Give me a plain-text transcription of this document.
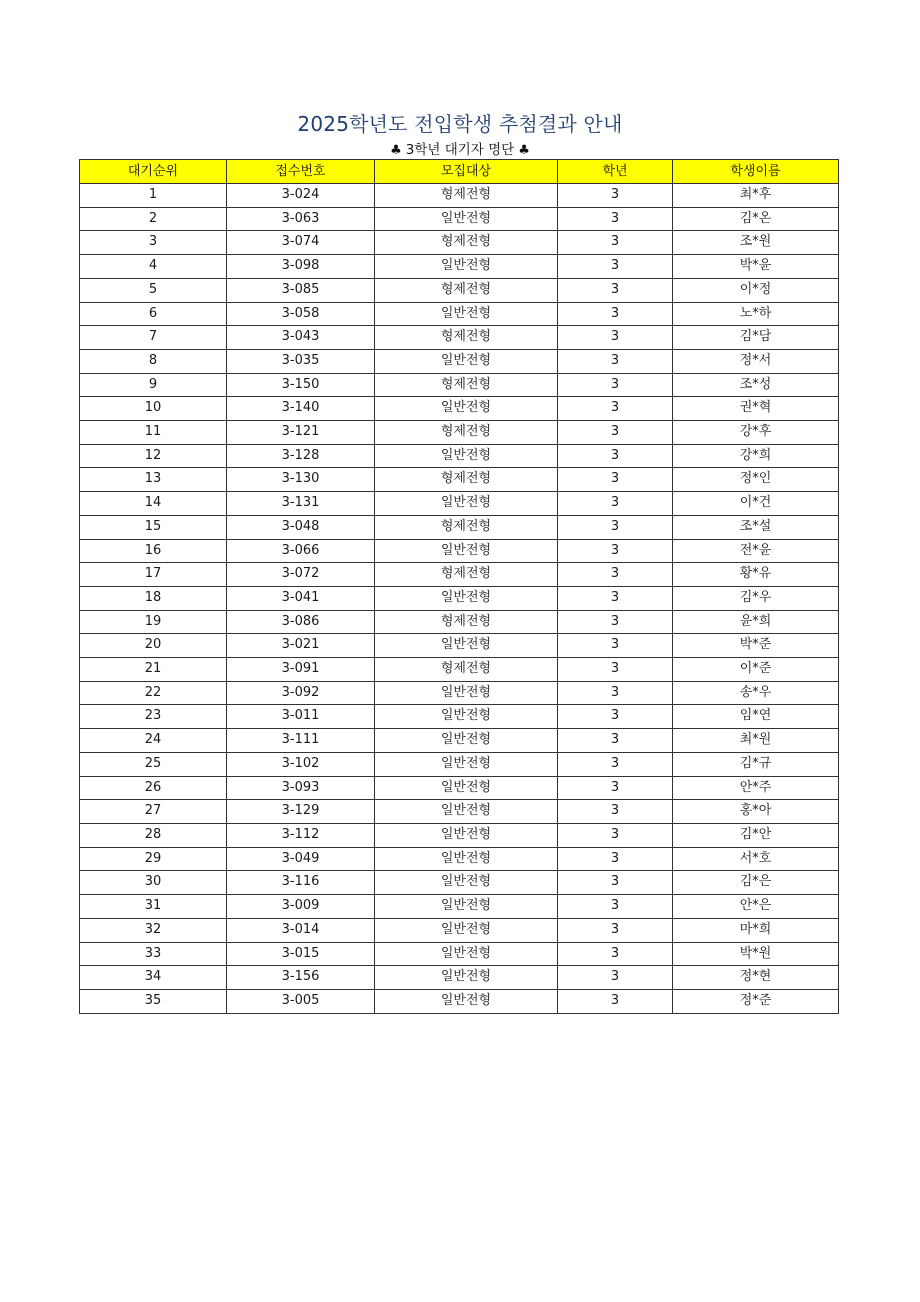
2025학년도 전입학생 추첨결과 안내
♣ 3학년 대기자 명단 ♣
대기순위	접수번호	모집대상	학년	학생이름
1	3-024	형제전형	3	최*후
2	3-063	일반전형	3	김*온
3	3-074	형제전형	3	조*원
4	3-098	일반전형	3	박*윤
5	3-085	형제전형	3	이*정
6	3-058	일반전형	3	노*하
7	3-043	형제전형	3	김*담
8	3-035	일반전형	3	정*서
9	3-150	형제전형	3	조*성
10	3-140	일반전형	3	권*혁
11	3-121	형제전형	3	강*후
12	3-128	일반전형	3	강*희
13	3-130	형제전형	3	정*인
14	3-131	일반전형	3	이*건
15	3-048	형제전형	3	조*설
16	3-066	일반전형	3	전*윤
17	3-072	형제전형	3	황*유
18	3-041	일반전형	3	김*우
19	3-086	형제전형	3	윤*희
20	3-021	일반전형	3	박*준
21	3-091	형제전형	3	이*준
22	3-092	일반전형	3	송*우
23	3-011	일반전형	3	임*연
24	3-111	일반전형	3	최*원
25	3-102	일반전형	3	김*규
26	3-093	일반전형	3	안*주
27	3-129	일반전형	3	홍*아
28	3-112	일반전형	3	김*안
29	3-049	일반전형	3	서*호
30	3-116	일반전형	3	김*은
31	3-009	일반전형	3	안*은
32	3-014	일반전형	3	마*희
33	3-015	일반전형	3	박*원
34	3-156	일반전형	3	정*현
35	3-005	일반전형	3	정*준
